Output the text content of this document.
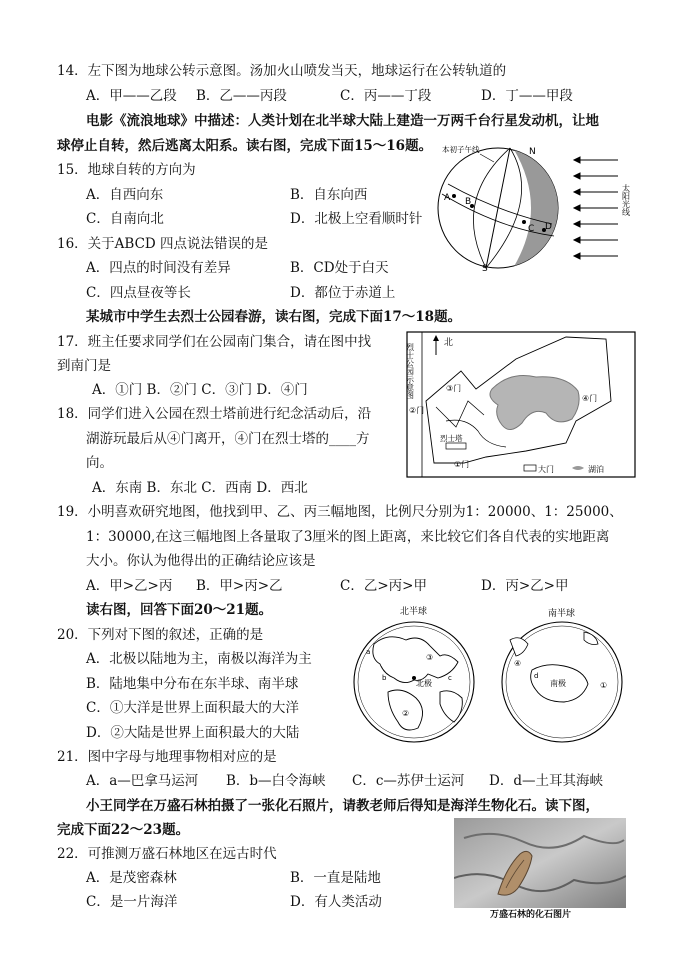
14．左下图为地球公转示意图。汤加火山喷发当天，地球运行在公转轨道的
A．甲——乙段 B．乙——丙段	C．丙——丁段	D．丁——甲段
电影《流浪地球》中描述：人类计划在北半球大陆上建造一万两千台行星发动机，让地
球停止自转，然后逃离太阳系。读右图，完成下面15～16题。
15．地球自转的方向为
A．自西向东	B．自东向西
C．自南向北	D．北极上空看顺时针
16．关于ABCD 四点说法错误的是
A．四点的时间没有差异	B．CD处于白天
C．四点昼夜等长	D．都位于赤道上
A B
C D
N
S
本初子午线
太阳光线
某城市中学生去烈士公园春游，读右图，完成下面17～18题。
17．班主任要求同学们在公园南门集合，请在图中找
到南门是
A．①门 B．②门 C．③门 D．④门
18．同学们进入公园在烈士塔前进行纪念活动后，沿
湖游玩最后从④门离开，④门在烈士塔的____方
向。
A．东南 B．东北 C．西南 D．西北
烈士公园示意图	北
烈士塔
③门
②门
①门
④门
大门	湖泊
19．小明喜欢研究地图，他找到甲、乙、丙三幅地图，比例尺分别为1：20000、1：25000、
1：30000,在这三幅地图上各量取了3厘米的图上距离，来比较它们各自代表的实地距离
大小。你认为他得出的正确结论应该是
A．甲>乙>丙 B．甲>丙>乙	C．乙>丙>甲	D．丙>乙>甲
读右图，回答下面20～21题。
20．下列对下图的叙述，正确的是
A．北极以陆地为主，南极以海洋为主
B．陆地集中分布在东半球、南半球
C．①大洋是世界上面积最大的大洋
D．②大陆是世界上面积最大的大陆
北半球	南半球
北极
③
②
a
b	c
南极
④
①
d
21．图中字母与地理事物相对应的是
A．a—巴拿马运河 B．b—白令海峡 C．c—苏伊士运河 D．d—土耳其海峡
小王同学在万盛石林拍摄了一张化石照片，请教老师后得知是海洋生物化石。读下图，
完成下面22～23题。
22．可推测万盛石林地区在远古时代
A．是茂密森林	B．一直是陆地
C．是一片海洋	D．有人类活动
万盛石林的化石图片
